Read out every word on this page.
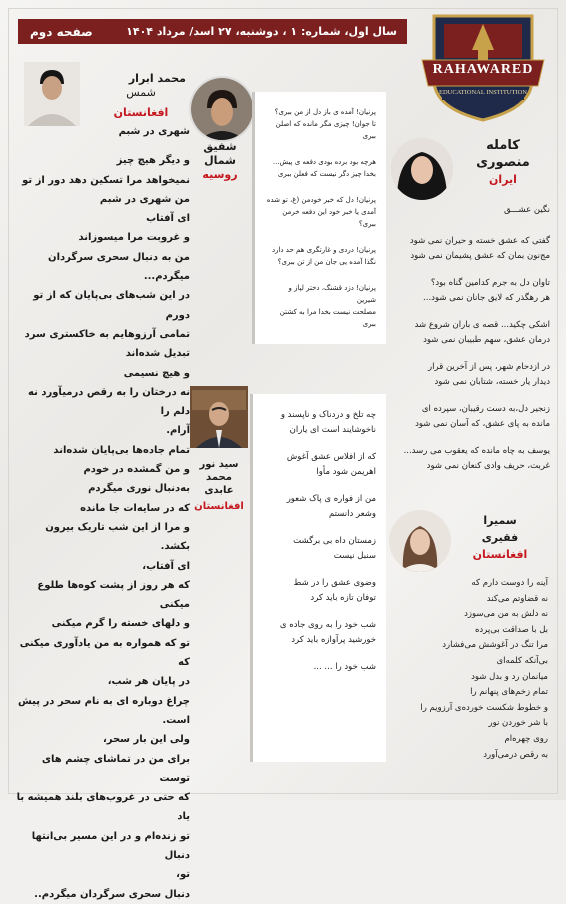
سال اول، شماره: ۱ ، دوشنبه، ۲۷ اسد/ مرداد ۱۴۰۴
صفحه دوم
RAHAWARED
EDUCATIONAL INSTITUTION
کامله
منصوری
ایران
نگین عشـــق
گفتی که عشق خسته و حیران نمی شود
مج‌نون بمان که عشق پشیمان نمی شود
تاوان دل به جرم کدامین گناه بود؟
هر رهگذر که لایق جانان نمی شود...
اشکی چکید... قصه ی باران شروع شد
درمان عشق، سهم طبیبان نمی شود
در ازدحام شهر، پس از آخرین قرار
دیدار یار خسته، شتابان نمی شود
زنجیر دل،به دست رقیبان، سپرده ای
مانده به پای عشق، که آسان نمی شود
یوسف به چاه مانده که یعقوب می رسد...
غربت، حریف وادی کنعان نمی شود
سمیرا
فقیری
افغانستان
آینه را دوست دارم که
نه قضاوتم می‌کند
نه دلش به من می‌سوزد
بل با صداقت بی‌پرده
مرا تنگ در آغوشش می‌فشارد
بی‌آنکه کلمه‌ای
میانمان رد و بدل شود
تمام زخم‌های پنهانم را
و خطوط شکست خورده‌ی آرزویم را
با شر خوردن نور
روی چهره‌ام
به رقص درمی‌آورد
شفیق
شمال
روسیه
پرنیان! آمده ی باز دل از من ببری؟
تا جوان! چیزی مگر مانده که اصلن ببری
هرچه بود برده بودی دفعه ی پیش...
بخدا چیز دگر نیست که فعلن ببری
پرنیان! دل که خبر خودمن (غ، تو شده
آمدی یا خبر خود این دفعه خرمن
ببری؟
پرنیان! دردی و غارتگری هم حد دارد
نگذا آمده یی جان من از تن ببری؟
پرنیان! دزد قشنگ، دختر لپاز و
شیرین
مصلحت نیست بخدا مرا به کشتن
ببری
سید نور محمد
عابدی
افغانستان
چه تلخ و دردناک و ناپسند و
ناخوشایند است ای یاران
که از افلاس عشق آغوش
اهریمن شود مأوا
من از فواره ی پاک شعور
وشعر دانستم
زمستان داه بی برگشت
سنبل نیست
وضوی عشق را در شط
توفان تازه باید کرد
شب خود را به روی جاده ی
خورشید پرآوازه باید کرد
شب خود را ... ...
محمد ابرار
شمس
افغانستان
شهری در شبم
و دیگر هیچ چیز
نمیخواهد مرا تسکین دهد دور از تو
من شهری در شبم
ای آفتاب
و غروبت مرا میسوزاند
من به دنبال سحری سرگردان میگردم...
در این شب‌های بی‌پایان که از تو دورم
تمامی آرزوهایم به خاکستری سرد
تبدیل شده‌اند
و هیچ نسیمی
نه درختان را به رقص درمیآورد نه دلم را
آرام.
تمام جاده‌ها بی‌پایان شده‌اند
و من گمشده در خودم
به‌دنبال نوری میگردم
که در سایه‌ات جا مانده
و مرا از این شب تاریک بیرون بکشد.
ای آفتاب،
که هر روز از پشت کوه‌ها طلوع میکنی
و دلهای خسته را گرم میکنی
تو که همواره به من یادآوری میکنی که
در پایان هر شب،
چراغ دوباره ای به نام سحر در پیش
است.
ولی این بار سحر،
برای من در تماشای چشم های توست
که حتی در غروب‌های بلند همیشه با یاد
تو زنده‌ام و در این مسیر بی‌انتها دنبال
تو،
دنبال سحری سرگردان میگردم..
